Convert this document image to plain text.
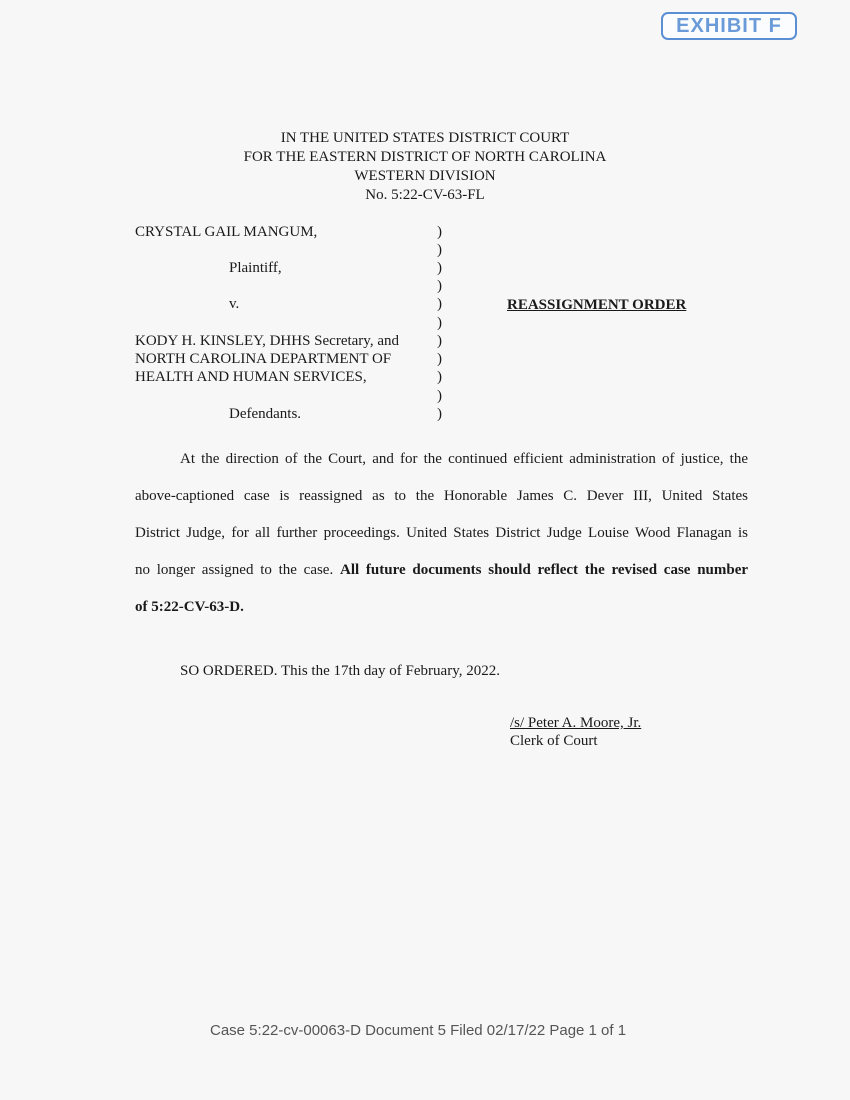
EXHIBIT F
IN THE UNITED STATES DISTRICT COURT
FOR THE EASTERN DISTRICT OF NORTH CAROLINA
WESTERN DIVISION
No. 5:22-CV-63-FL
CRYSTAL GAIL MANGUM,
Plaintiff,
v.
KODY H. KINSLEY, DHHS Secretary, and
NORTH CAROLINA DEPARTMENT OF
HEALTH AND HUMAN SERVICES,
Defendants.
)
)
)
)
)
)
)
)
)
)
)
REASSIGNMENT ORDER
At the direction of the Court, and for the continued efficient administration of justice, the
above-captioned case is reassigned as to the Honorable James C. Dever III, United States
District Judge, for all further proceedings. United States District Judge Louise Wood Flanagan is
no longer assigned to the case. All future documents should reflect the revised case number
of 5:22-CV-63-D.
SO ORDERED. This the 17th day of February, 2022.
/s/ Peter A. Moore, Jr.
Clerk of Court
Case 5:22-cv-00063-D Document 5 Filed 02/17/22 Page 1 of 1
